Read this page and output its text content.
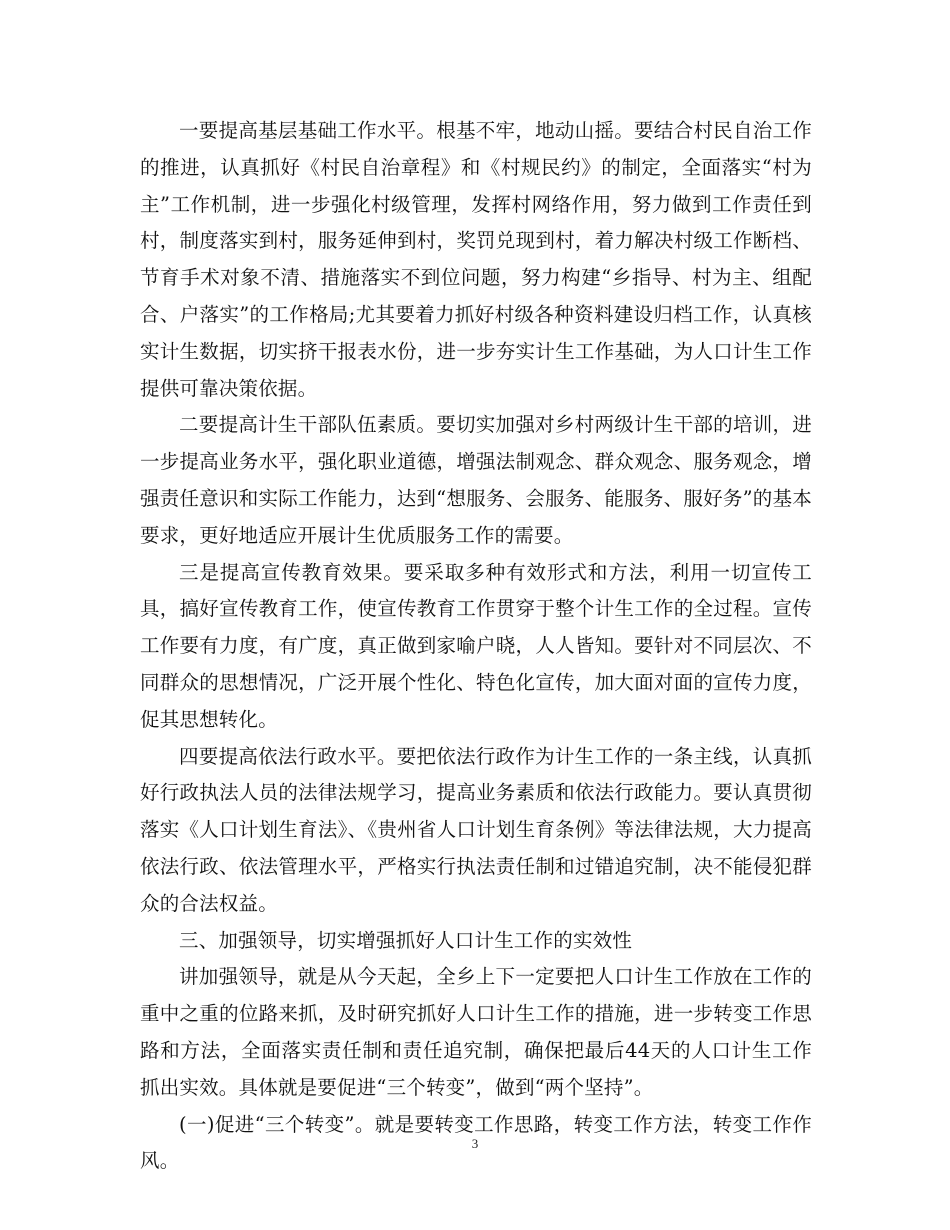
一要提高基层基础工作水平。根基不牢，地动山摇。要结合村民自治工作的推进，认真抓好《村民自治章程》和《村规民约》的制定，全面落实“村为主”工作机制，进一步强化村级管理，发挥村网络作用，努力做到工作责任到村，制度落实到村，服务延伸到村，奖罚兑现到村，着力解决村级工作断档、节育手术对象不清、措施落实不到位问题，努力构建“乡指导、村为主、组配合、户落实”的工作格局;尤其要着力抓好村级各种资料建设归档工作，认真核实计生数据，切实挤干报表水份，进一步夯实计生工作基础，为人口计生工作提供可靠决策依据。

二要提高计生干部队伍素质。要切实加强对乡村两级计生干部的培训，进一步提高业务水平，强化职业道德，增强法制观念、群众观念、服务观念，增强责任意识和实际工作能力，达到“想服务、会服务、能服务、服好务”的基本要求，更好地适应开展计生优质服务工作的需要。

三是提高宣传教育效果。要采取多种有效形式和方法，利用一切宣传工具，搞好宣传教育工作，使宣传教育工作贯穿于整个计生工作的全过程。宣传工作要有力度，有广度，真正做到家喻户晓，人人皆知。要针对不同层次、不同群众的思想情况，广泛开展个性化、特色化宣传，加大面对面的宣传力度，促其思想转化。

四要提高依法行政水平。要把依法行政作为计生工作的一条主线，认真抓好行政执法人员的法律法规学习，提高业务素质和依法行政能力。要认真贯彻落实《人口计划生育法》、《贵州省人口计划生育条例》等法律法规，大力提高依法行政、依法管理水平，严格实行执法责任制和过错追究制，决不能侵犯群众的合法权益。

三、加强领导，切实增强抓好人口计生工作的实效性

讲加强领导，就是从今天起，全乡上下一定要把人口计生工作放在工作的重中之重的位路来抓，及时研究抓好人口计生工作的措施，进一步转变工作思路和方法，全面落实责任制和责任追究制，确保把最后44天的人口计生工作抓出实效。具体就是要促进“三个转变”，做到“两个坚持”。

(一)促进“三个转变”。就是要转变工作思路，转变工作方法，转变工作作风。

3
